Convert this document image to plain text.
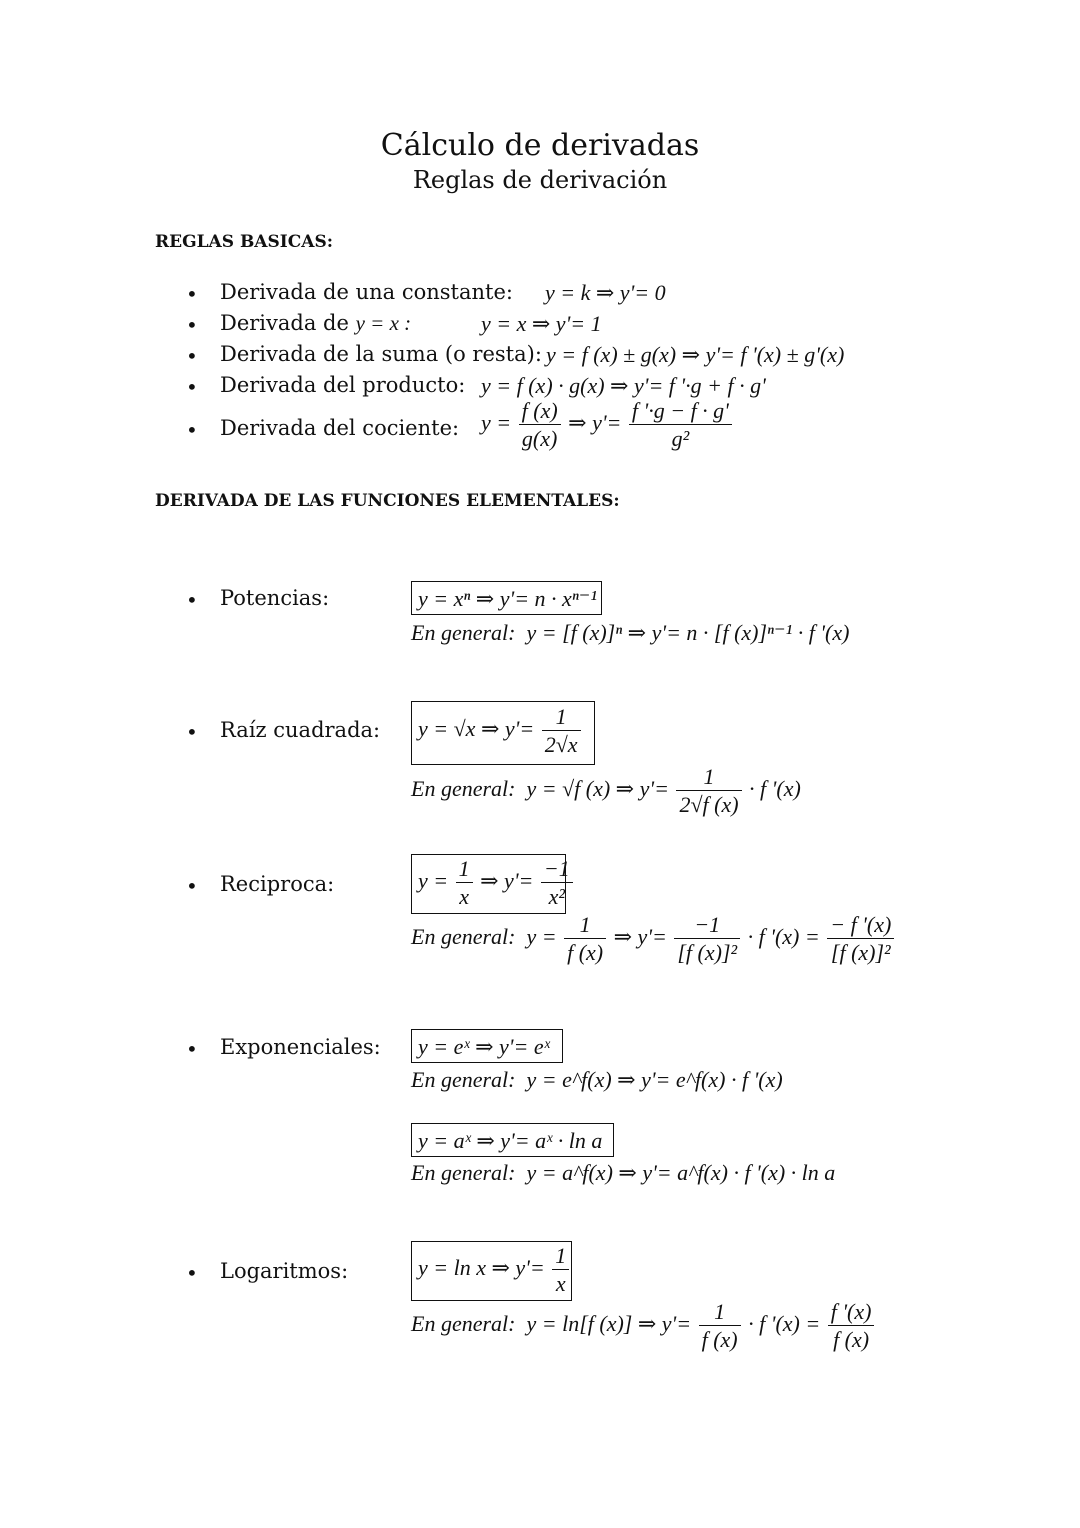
Cálculo de derivadas
Reglas de derivación
REGLAS BASICAS:
• Derivada de una constante: y = k ⇒ y'= 0
• Derivada de y = x :	y = x ⇒ y'= 1
• Derivada de la suma (o resta): y = f (x) ± g(x) ⇒ y'= f '(x) ± g'(x)
• Derivada del producto: y = f (x) · g(x) ⇒ y'= f '·g + f · g'
• Derivada del cociente: $y = \frac{f (x)}{g(x)}$ ⇒ $y'= \frac{f '\cdot g - f \cdot g'}{\text{g²}}$
DERIVADA DE LAS FUNCIONES ELEMENTALES:
• Potencias:	y = xⁿ ⇒ y'= n · xⁿ⁻¹
En general: y = [f (x)]ⁿ ⇒ y'= n · [f (x)]ⁿ⁻¹ · f '(x)
• Raíz cuadrada: y = √x ⇒ $y'= \frac{1}{2√x}$
En general: y = √f (x) ⇒ $y'= \frac{1}{2√f (x)} \cdot f$ '(x)
• Reciproca:	$y = \frac{1}{x}$ ⇒ $y'= \frac{-1}{\text{x²}}$
En general: $y = \frac{1}{f (x)}$ ⇒ $y'= \frac{-1}{\text{[f (x)]²}} \cdot f$ '$(x) = \frac{- f '(x)}{\text{[f (x)]²}}$
• Exponenciales: y = eˣ ⇒ y'= eˣ
En general: y = e^f(x) ⇒ y'= e^f(x) · f '(x)
y = aˣ ⇒ y'= aˣ · ln a
En general: y = a^f(x) ⇒ y'= a^f(x) · f '(x) · ln a
• Logaritmos:	y = ln x ⇒ $y'= \frac{1}{x}$
En general: y = ln[f (x)] ⇒ $y'= \frac{1}{f (x)} \cdot f$ '$(x) = \frac{f '(x)}{f (x)}$
